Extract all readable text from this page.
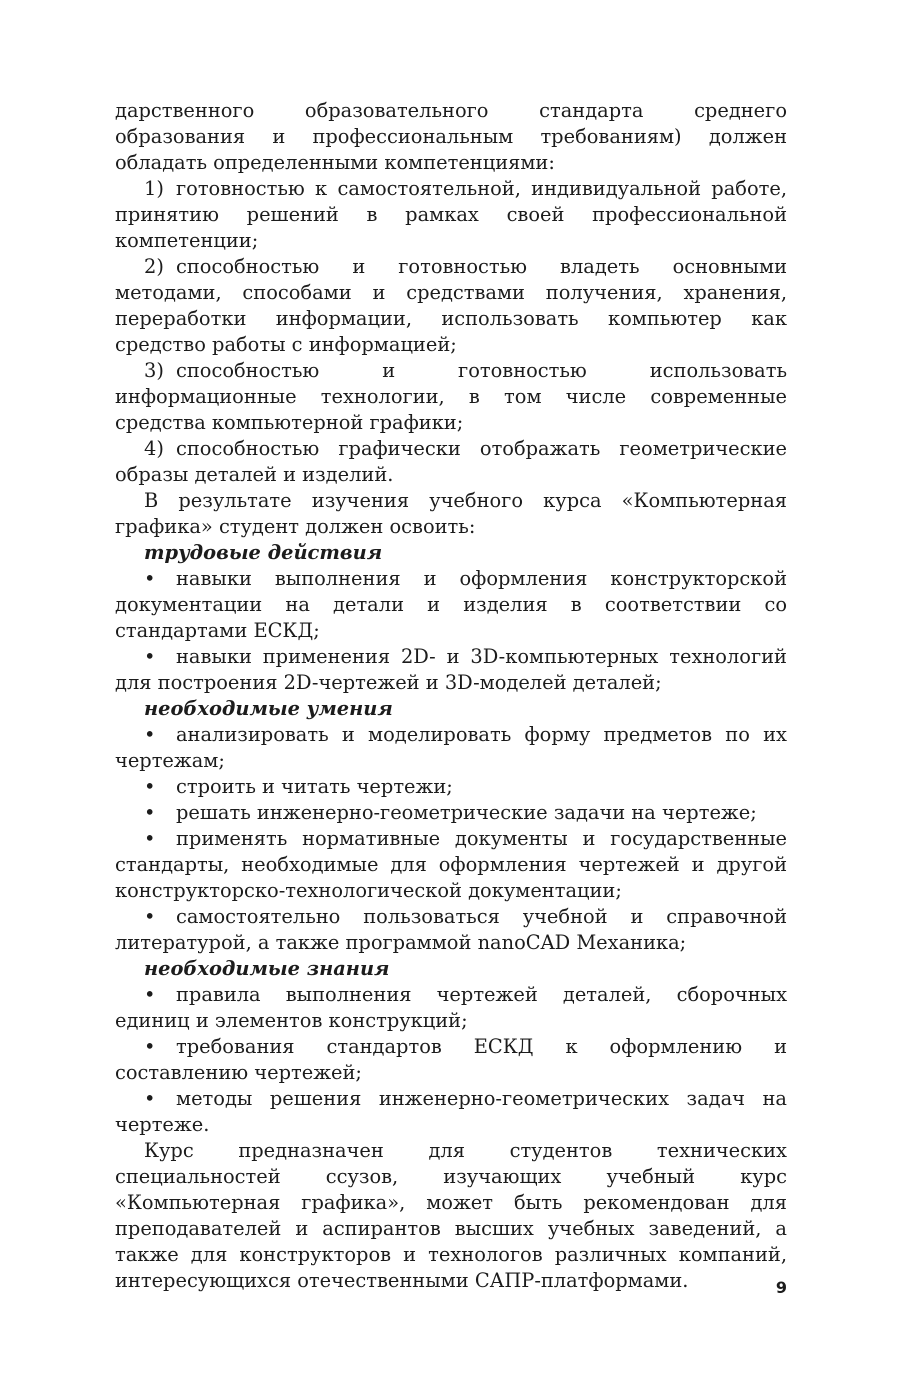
дарственного образовательного стандарта среднего образования и профессиональным требованиям) должен обладать определенными компетенциями:

1) готовностью к самостоятельной, индивидуальной работе, принятию решений в рамках своей профессиональной компетенции;

2) способностью и готовностью владеть основными методами, способами и средствами получения, хранения, переработки информации, использовать компьютер как средство работы с информацией;

3) способностью и готовностью использовать информационные технологии, в том числе современные средства компьютерной графики;

4) способностью графически отображать геометрические образы деталей и изделий.

В результате изучения учебного курса «Компьютерная графика» студент должен освоить:

трудовые действия

• навыки выполнения и оформления конструкторской документации на детали и изделия в соответствии со стандартами ЕСКД;

• навыки применения 2D- и 3D-компьютерных технологий для построения 2D-чертежей и 3D-моделей деталей;

необходимые умения

• анализировать и моделировать форму предметов по их чертежам;

• строить и читать чертежи;

• решать инженерно-геометрические задачи на чертеже;

• применять нормативные документы и государственные стандарты, необходимые для оформления чертежей и другой конструкторско-технологической документации;

• самостоятельно пользоваться учебной и справочной литературой, а также программой nanoCAD Механика;

необходимые знания

• правила выполнения чертежей деталей, сборочных единиц и элементов конструкций;

• требования стандартов ЕСКД к оформлению и составлению чертежей;

• методы решения инженерно-геометрических задач на чертеже.

Курс предназначен для студентов технических специальностей ссузов, изучающих учебный курс «Компьютерная графика», может быть рекомендован для преподавателей и аспирантов высших учебных заведений, а также для конструкторов и технологов различных компаний, интересующихся отечественными САПР-платформами.	9
